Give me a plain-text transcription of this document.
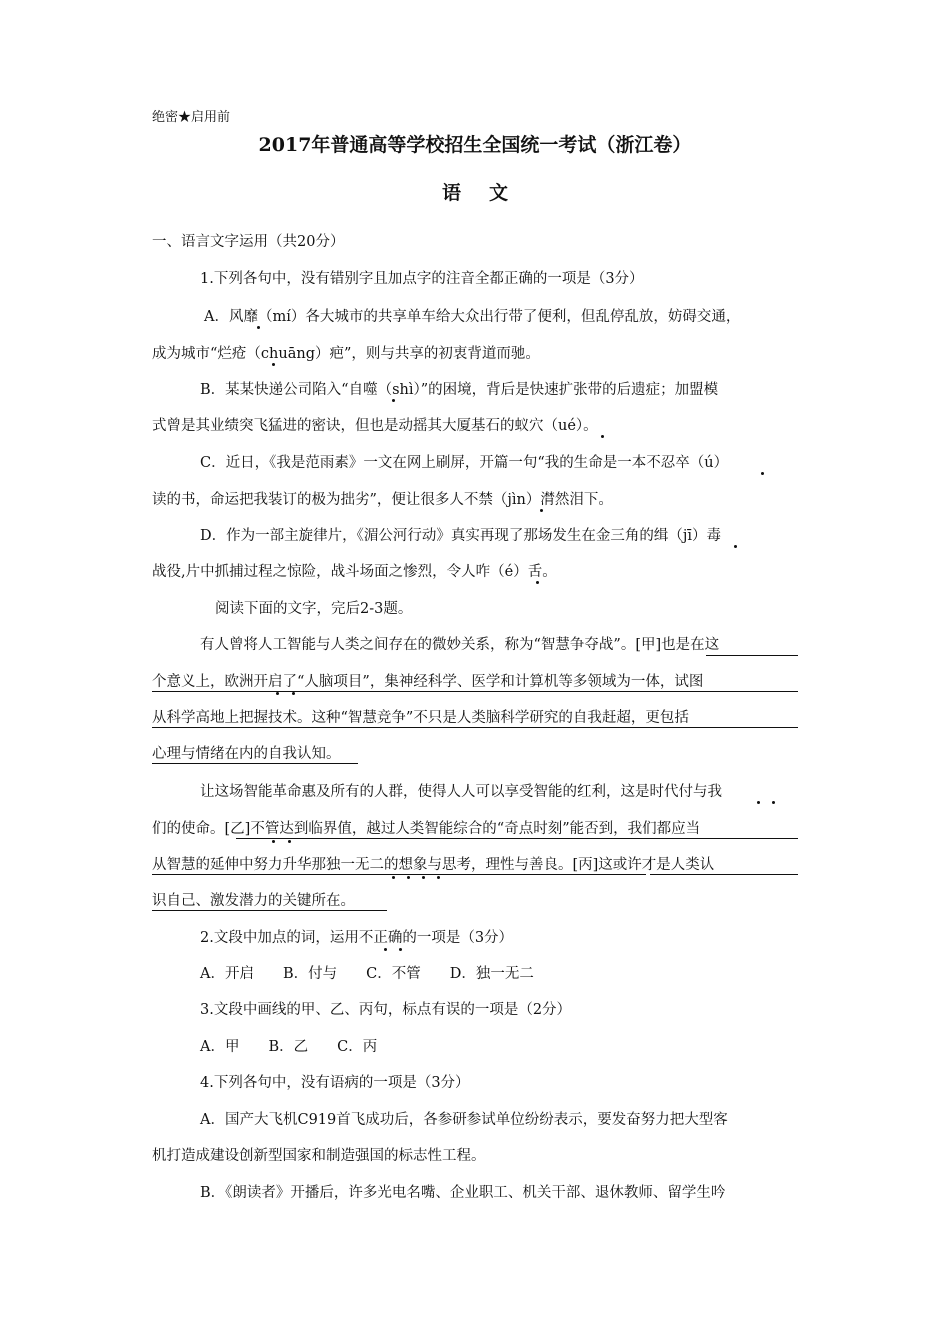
绝密★启用前
2017年普通高等学校招生全国统一考试（浙江卷）
语文
一、语言文字运用（共20分）
1.下列各句中，没有错别字且加点字的注音全都正确的一项是（3分）
A．风靡（mí）各大城市的共享单车给大众出行带了便利，但乱停乱放，妨碍交通，
成为城市“烂疮（chuāng）疤”，则与共享的初衷背道而驰。
B．某某快递公司陷入“自噬（shì）”的困境，背后是快速扩张带的后遗症；加盟模
式曾是其业绩突飞猛进的密诀，但也是动摇其大厦基石的蚁穴（ué）。
C．近日，《我是范雨素》一文在网上刷屏，开篇一句“我的生命是一本不忍卒（ú）
读的书，命运把我装订的极为拙劣”，便让很多人不禁（jìn）潸然泪下。
D．作为一部主旋律片，《湄公河行动》真实再现了那场发生在金三角的缉（jī）毒
战役,片中抓捕过程之惊险，战斗场面之惨烈，令人咋（é）舌。
阅读下面的文字，完后2-3题。
有人曾将人工智能与人类之间存在的微妙关系，称为“智慧争夺战”。[甲]也是在这
个意义上，欧洲开启了“人脑项目”，集神经科学、医学和计算机等多领域为一体，试图
从科学高地上把握技术。这种“智慧竞争”不只是人类脑科学研究的自我赶超，更包括
心理与情绪在内的自我认知。
让这场智能革命惠及所有的人群，使得人人可以享受智能的红利，这是时代付与我
们的使命。[乙]不管达到临界值，越过人类智能综合的“奇点时刻”能否到，我们都应当
从智慧的延伸中努力升华那独一无二的想象与思考，理性与善良。[丙]这或许才是人类认
识自己、激发潜力的关键所在。
2.文段中加点的词，运用不正确的一项是（3分）
A．开启　　B．付与　　C．不管　　D．独一无二
3.文段中画线的甲、乙、丙句，标点有误的一项是（2分）
A．甲　　B．乙　　C．丙
4.下列各句中，没有语病的一项是（3分）
A．国产大飞机C919首飞成功后，各参研参试单位纷纷表示，要发奋努力把大型客
机打造成建设创新型国家和制造强国的标志性工程。
B．《朗读者》开播后，许多光电名嘴、企业职工、机关干部、退休教师、留学生吟
